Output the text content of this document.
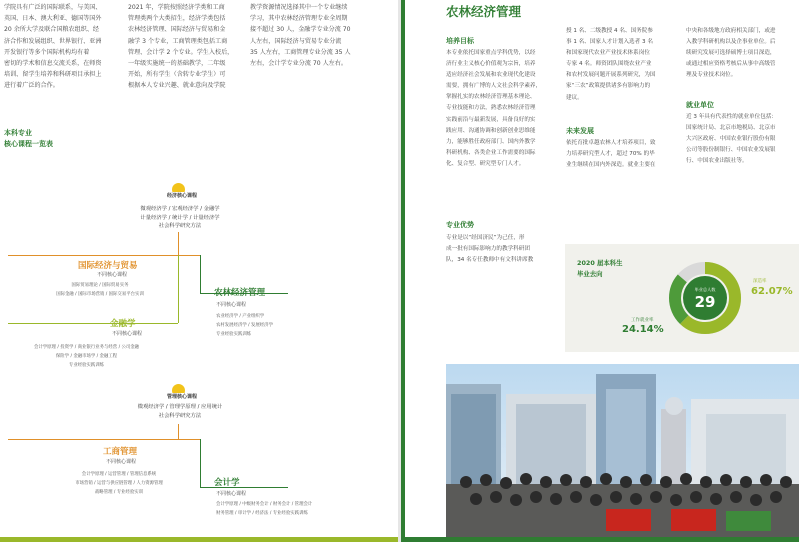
学院具有广泛的国际联系，与美国、
英国、日本、澳大利亚、德国等国外
20 余所大学及联合国粮农组织、经
济合作和发展组织、世界银行、亚洲
开发银行等多个国际机构均有着
密切的学术和信息交流关系，在师资
培训、留学生培养和科研项目承担上
进行着广泛的合作。
2021 年，学院按照经济学类和工商
管理类两个大类招生，经济学类包括
农林经济管理、国际经济与贸易和金
融学 3 个专业，工商管理类包括工商
管理、会计学 2 个专业。学生入校后，
一年级实施统一的基础教学，二年级
开始，所有学生（含转专业学生）可
根据本人专业兴趣、就业意向及学院
教学资源情况选择其中一个专业继续
学习，其中农林经济管理专业全周期
接不超过 30 人，金融学专业分流 70
人左右，国际经济与贸易专业分流
35 人左右，工商管理专业分流 35 人
左右，会计学专业分流 70 人左右。
本科专业
核心课程一览表
经济核心课程
微观经济学 / 宏观经济学 / 金融学
计量经济学 / 统计学 / 计量经济学
社会科学研究方法
国际经济与贸易
不同核心课程
国际贸易理论 / 国际贸易实务
国际金融 / 国际市场营销 / 国际交易平台实训	农林经济管理
不同核心课程
农业经济学 / 产业组织学
农村发展经济学 / 发展经济学
专业经验实践训练
金融学
不同核心课程
会计学原理 / 投资学 / 商业银行业务与经营 / 公司金融
保险学 / 金融市场学 / 金融工程
专业经验实践训练
管理核心课程
微观经济学 / 管理学原理 / 应用统计
社会科学研究方法
工商管理
不同核心课程
会计学原理 / 运营管理 / 管理信息系统
市场营销 / 运营与供应链管理 / 人力资源管理
战略管理 / 专业经验实训
会计学
不同核心课程
会计学原理 / 中级财务会计 / 财务会计 / 管理会计
财务管理 / 审计学 / 经济法 / 专业经验实践训练
农林经济管理
培养目标
本专业依托国家重点学科优势，以经
济行业主义核心价值观为宗旨，培养
适应经济社会发展和农业现代化建设
需要，拥有广博的人文社会科学素养，
掌握扎实的农林经济管理基本理论、
专业技能和方法，熟悉农林经济管理
实践前沿与最新发展，具备良好的实
践应用、沟通协调和创新创业思维能
力，能够胜任政府部门、国内外教学
科研机构、各类企业工作需要的国际
化、复合型、研究型专门人才。
专业优势
专业是以“经国济民”为己任，形
成一批有国际影响力的教学科研团
队，34 名专任教师中有文科讲席教
授 1 名、二级教授 4 名、国务院参
事 1 名、国家人才计划入选者 3 名
和国家现代农业产业技术体系岗位
专家 4 名。师资团队围绕农业产业
和农村发展问题开展系列研究，为国
家“三农”政策提供诸多有影响力的
建议。
未来发展
依托育批卓越农林人才培养项目，致
力培养研究型人才，超过 70% 的毕
业生继续在国内外深造。就业主要在
中央和各级地方政府相关部门，或进
入教学科研机构以及企事业单位。后
续研究发展可选择硕博士项目深造，
或通过相应资格考核后从事中高级管
理及专业技术岗位。
就业单位
近 3 年具有代表性的就业单位包括：
国家统计局、北京市地税局、北京市
大兴区政府、中国农业银行股份有限
公司等股份制银行、中国农业发展银
行、中国农业出版社等。
2020 届本科生
毕业去向
毕业总人数
29
深造率
62.07%
工作就业率
24.14%
